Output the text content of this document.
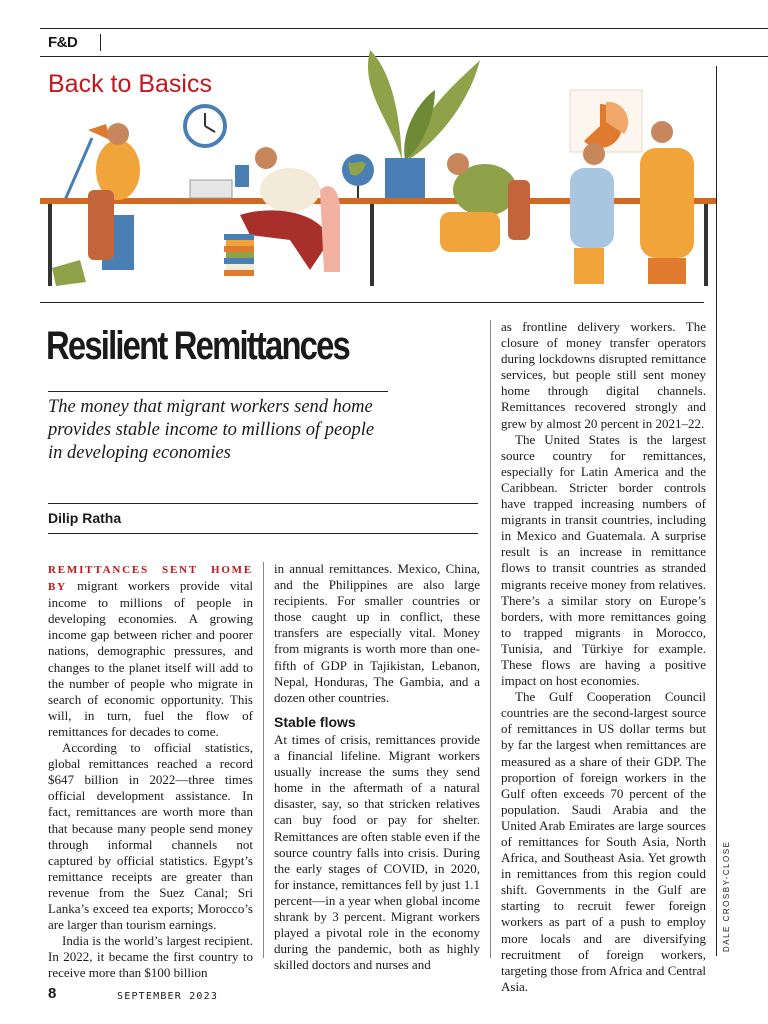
F&D
Back to Basics
Resilient Remittances
The money that migrant workers send home provides stable income to millions of people in developing economies
Dilip Ratha

REMITTANCES SENT HOME BY migrant workers provide vital income to millions of people in developing economies. A growing income gap between richer and poorer nations, demographic pressures, and changes to the planet itself will add to the number of people who migrate in search of economic opportunity. This will, in turn, fuel the flow of remittances for decades to come.

According to official statistics, global remittances reached a record $647 billion in 2022—three times official development assistance. In fact, remittances are worth more than that because many people send money through informal channels not captured by official statistics. Egypt’s remittance receipts are greater than revenue from the Suez Canal; Sri Lanka’s exceed tea exports; Morocco’s are larger than tourism earnings.

India is the world’s largest recipient. In 2022, it became the first country to receive more than $100 billion

in annual remittances. Mexico, China, and the Philippines are also large recipients. For smaller countries or those caught up in conflict, these transfers are especially vital. Money from migrants is worth more than one-fifth of GDP in Tajikistan, Lebanon, Nepal, Honduras, The Gambia, and a dozen other countries.

Stable flows

At times of crisis, remittances provide a financial lifeline. Migrant workers usually increase the sums they send home in the aftermath of a natural disaster, say, so that stricken relatives can buy food or pay for shelter. Remittances are often stable even if the source country falls into crisis. During the early stages of COVID, in 2020, for instance, remittances fell by just 1.1 percent—in a year when global income shrank by 3 percent. Migrant workers played a pivotal role in the economy during the pandemic, both as highly skilled doctors and nurses and

as frontline delivery workers. The closure of money transfer operators during lockdowns disrupted remittance services, but people still sent money home through digital channels. Remittances recovered strongly and grew by almost 20 percent in 2021–22.

The United States is the largest source country for remittances, especially for Latin America and the Caribbean. Stricter border controls have trapped increasing numbers of migrants in transit countries, including in Mexico and Guatemala. A surprise result is an increase in remittance flows to transit countries as stranded migrants receive money from relatives. There’s a similar story on Europe’s borders, with more remittances going to trapped migrants in Morocco, Tunisia, and Türkiye for example. These flows are having a positive impact on host economies.

The Gulf Cooperation Council countries are the second-largest source of remittances in US dollar terms but by far the largest when remittances are measured as a share of their GDP. The proportion of foreign workers in the Gulf often exceeds 70 percent of the population. Saudi Arabia and the United Arab Emirates are large sources of remittances for South Asia, North Africa, and Southeast Asia. Yet growth in remittances from this region could shift. Governments in the Gulf are starting to recruit fewer foreign workers as part of a push to employ more locals and are diversifying recruitment of foreign workers, targeting those from Africa and Central Asia.

DALE CROSBY-CLOSE
8	SEPTEMBER 2023
